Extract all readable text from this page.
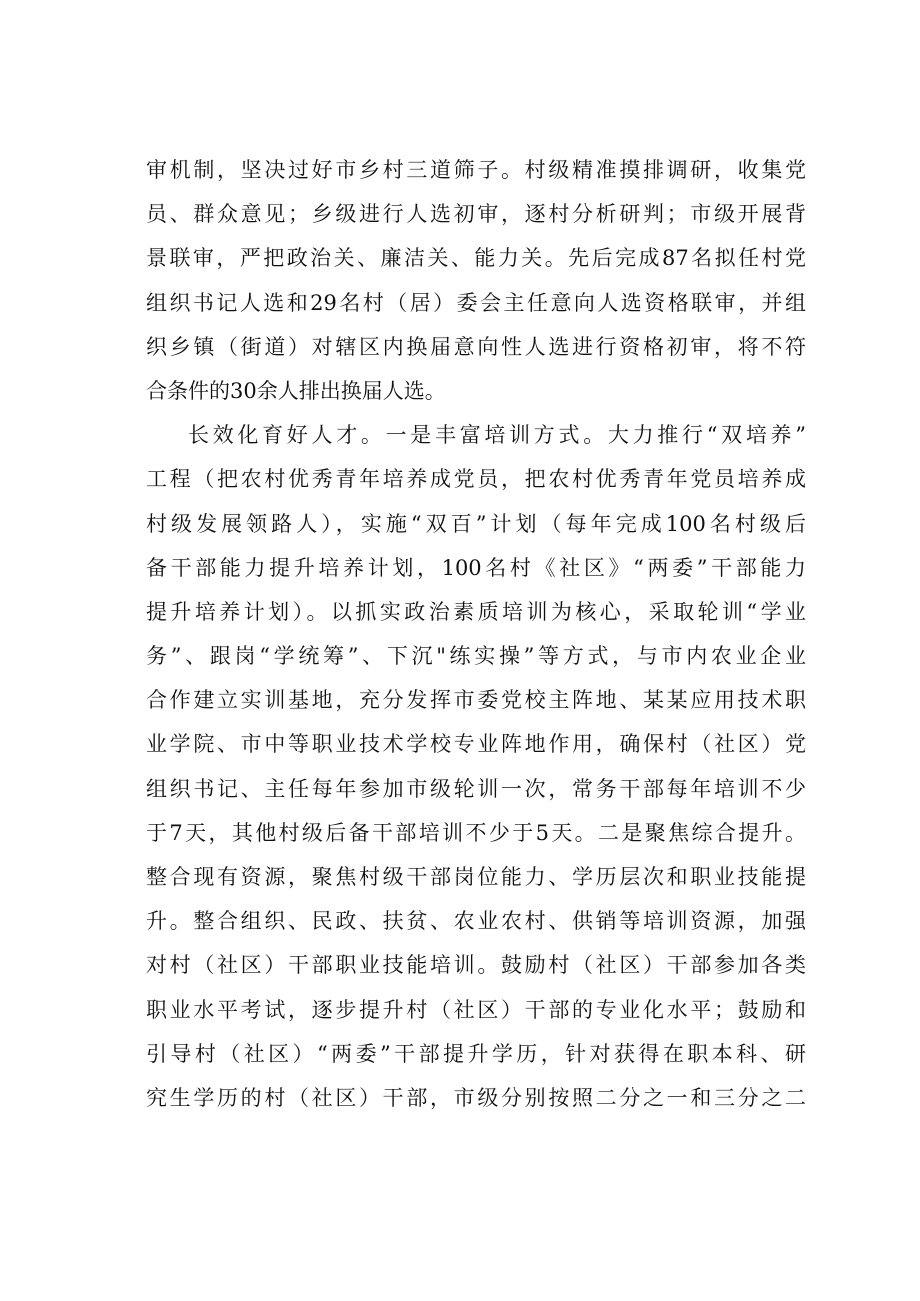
审机制，坚决过好市乡村三道筛子。村级精准摸排调研，收集党
员、群众意见；乡级进行人选初审，逐村分析研判；市级开展背
景联审，严把政治关、廉洁关、能力关。先后完成87名拟任村党
组织书记人选和29名村（居）委会主任意向人选资格联审，并组
织乡镇（街道）对辖区内换届意向性人选进行资格初审，将不符
合条件的30余人排出换届人选。
长效化育好人才。一是丰富培训方式。大力推行“双培养”
工程（把农村优秀青年培养成党员，把农村优秀青年党员培养成
村级发展领路人），实施“双百”计划（每年完成100名村级后
备干部能力提升培养计划，100名村《社区》“两委”干部能力
提升培养计划）。以抓实政治素质培训为核心，采取轮训“学业
务”、跟岗“学统筹”、下沉"练实操”等方式，与市内农业企业
合作建立实训基地，充分发挥市委党校主阵地、某某应用技术职
业学院、市中等职业技术学校专业阵地作用，确保村（社区）党
组织书记、主任每年参加市级轮训一次，常务干部每年培训不少
于7天，其他村级后备干部培训不少于5天。二是聚焦综合提升。
整合现有资源，聚焦村级干部岗位能力、学历层次和职业技能提
升。整合组织、民政、扶贫、农业农村、供销等培训资源，加强
对村（社区）干部职业技能培训。鼓励村（社区）干部参加各类
职业水平考试，逐步提升村（社区）干部的专业化水平；鼓励和
引导村（社区）“两委”干部提升学历，针对获得在职本科、研
究生学历的村（社区）干部，市级分别按照二分之一和三分之二
